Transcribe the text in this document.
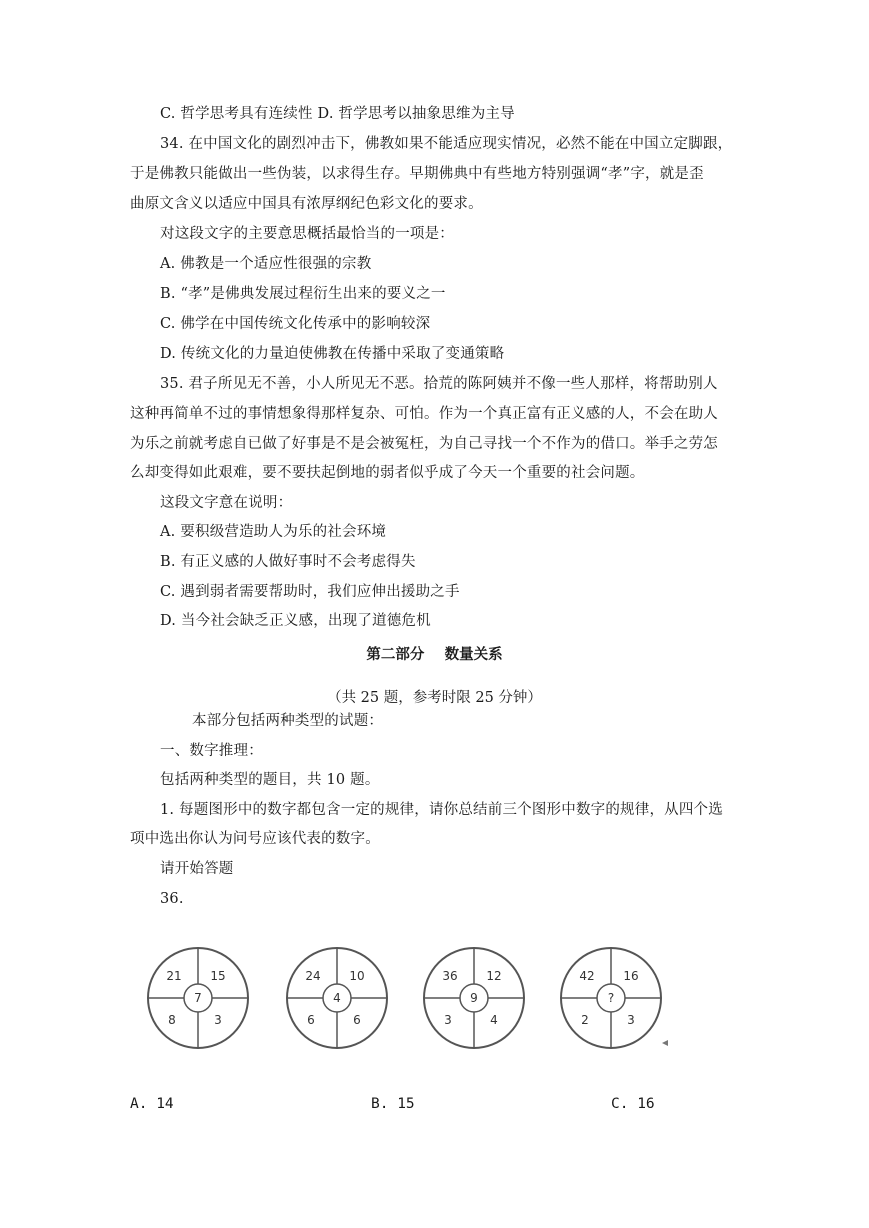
C. 哲学思考具有连续性 D. 哲学思考以抽象思维为主导
34. 在中国文化的剧烈冲击下，佛教如果不能适应现实情况，必然不能在中国立定脚跟，
于是佛教只能做出一些伪装，以求得生存。早期佛典中有些地方特别强调“孝”字，就是歪
曲原文含义以适应中国具有浓厚纲纪色彩文化的要求。
对这段文字的主要意思概括最恰当的一项是：
A. 佛教是一个适应性很强的宗教
B. “孝”是佛典发展过程衍生出来的要义之一
C. 佛学在中国传统文化传承中的影响较深
D. 传统文化的力量迫使佛教在传播中采取了变通策略
35. 君子所见无不善，小人所见无不恶。拾荒的陈阿姨并不像一些人那样，将帮助别人
这种再简单不过的事情想象得那样复杂、可怕。作为一个真正富有正义感的人，不会在助人
为乐之前就考虑自已做了好事是不是会被冤枉，为自己寻找一个不作为的借口。举手之劳怎
么却变得如此艰难，要不要扶起倒地的弱者似乎成了今天一个重要的社会问题。
这段文字意在说明：
A. 要积级营造助人为乐的社会环境
B. 有正义感的人做好事时不会考虑得失
C. 遇到弱者需要帮助时，我们应伸出援助之手
D. 当今社会缺乏正义感，出现了道德危机
第二部分    数量关系
（共 25 题，参考时限 25 分钟）
本部分包括两种类型的试题：
一、数字推理：
包括两种类型的题目，共 10 题。
1. 每题图形中的数字都包含一定的规律，请你总结前三个图形中数字的规律，从四个选
项中选出你认为问号应该代表的数字。
请开始答题
36.
21 15
7
8	3
24 10
4
6	6
36 12
9
3	4
42 16
?
2	3
A. 14	B. 15	C. 16
